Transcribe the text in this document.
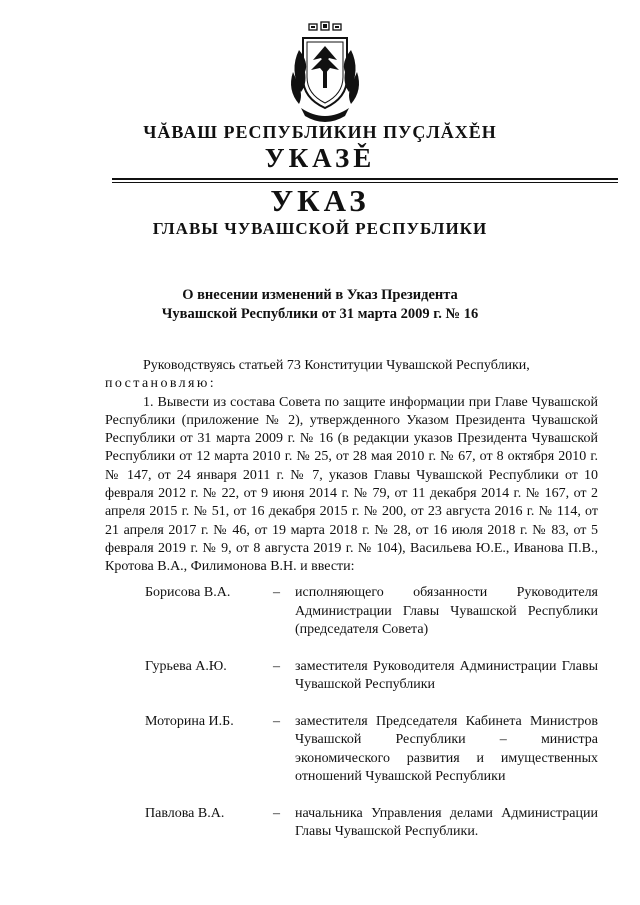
ЧĂВАШ РЕСПУБЛИКИН ПУÇЛĂХĚН
УКАЗĚ
УКАЗ
ГЛАВЫ ЧУВАШСКОЙ РЕСПУБЛИКИ
О внесении изменений в Указ Президента
Чувашской Республики от 31 марта 2009 г. № 16

Руководствуясь статьей 73 Конституции Чувашской Республики,

постановляю:

1. Вывести из состава Совета по защите информации при Главе Чувашской Республики (приложение № 2), утвержденного Указом Президента Чувашской Республики от 31 марта 2009 г. № 16 (в редакции указов Президента Чувашской Республики от 12 марта 2010 г. № 25, от 28 мая 2010 г. № 67, от 8 октября 2010 г. № 147, от 24 января 2011 г. № 7, указов Главы Чувашской Республики от 10 февраля 2012 г. № 22, от 9 июня 2014 г. № 79, от 11 декабря 2014 г. № 167, от 2 апреля 2015 г. № 51, от 16 декабря 2015 г. № 200, от 23 августа 2016 г. № 114, от 21 апреля 2017 г. № 46, от 19 марта 2018 г. № 28, от 16 июля 2018 г. № 83, от 5 февраля 2019 г. № 9, от 8 августа 2019 г. № 104), Васильева Ю.Е., Иванова П.В., Кротова В.А., Филимонова В.Н. и ввести:

Борисова В.А.	–	исполняющего обязанности Руководителя Администрации Главы Чувашской Республики (председателя Совета)
Гурьева А.Ю.	–	заместителя Руководителя Администрации Главы Чувашской Республики
Моторина И.Б.	–	заместителя Председателя Кабинета Министров Чувашской Республики – министра экономического развития и имущественных отношений Чувашской Республики
Павлова В.А.	–	начальника Управления делами Администрации Главы Чувашской Республики.
